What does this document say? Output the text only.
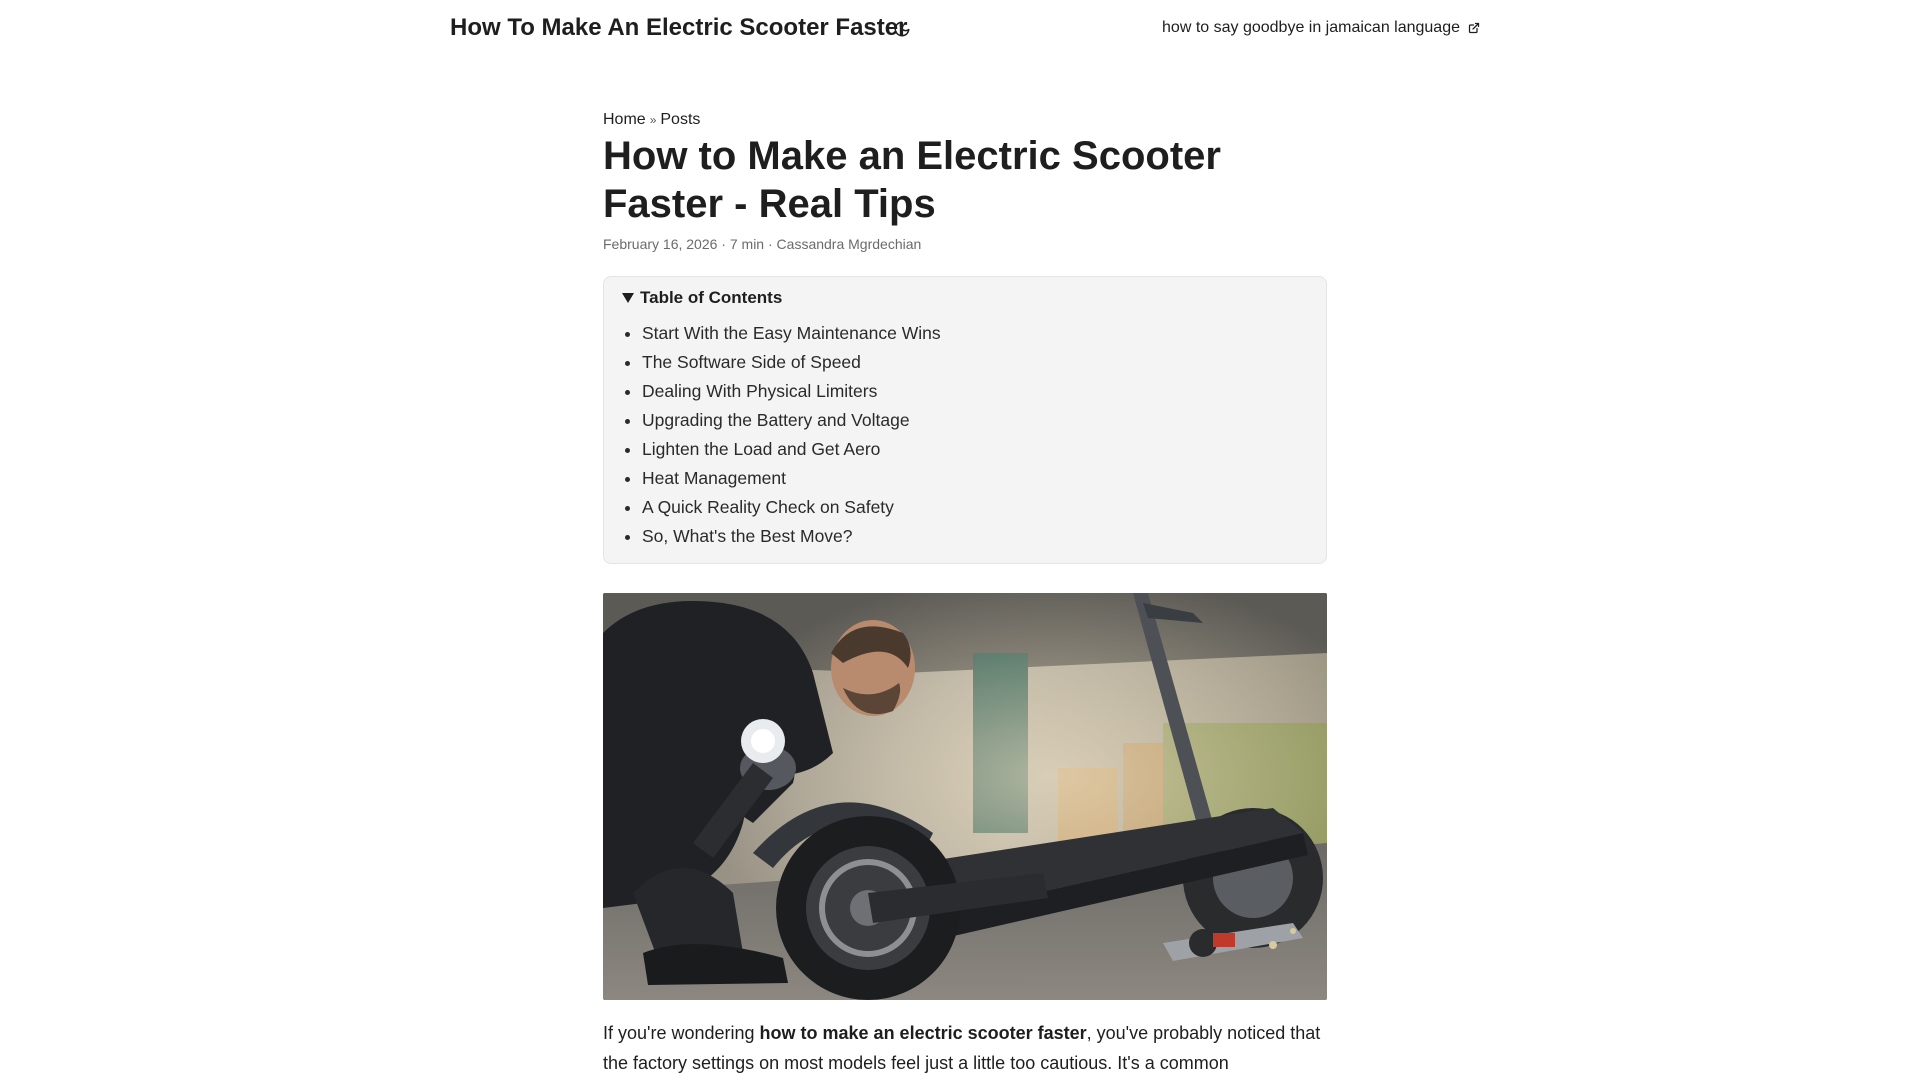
How To Make An Electric Scooter Faster	how to say goodbye in jamaican language
Home » Posts
How to Make an Electric Scooter Faster - Real Tips
February 16, 2026 · 7 min · Cassandra Mgrdechian
Table of Contents
• Start With the Easy Maintenance Wins
• The Software Side of Speed
• Dealing With Physical Limiters
• Upgrading the Battery and Voltage
• Lighten the Load and Get Aero
• Heat Management
• A Quick Reality Check on Safety
• So, What's the Best Move?

If you're wondering how to make an electric scooter faster, you've probably noticed that the factory settings on most models feel just a little too cautious. It's a common
